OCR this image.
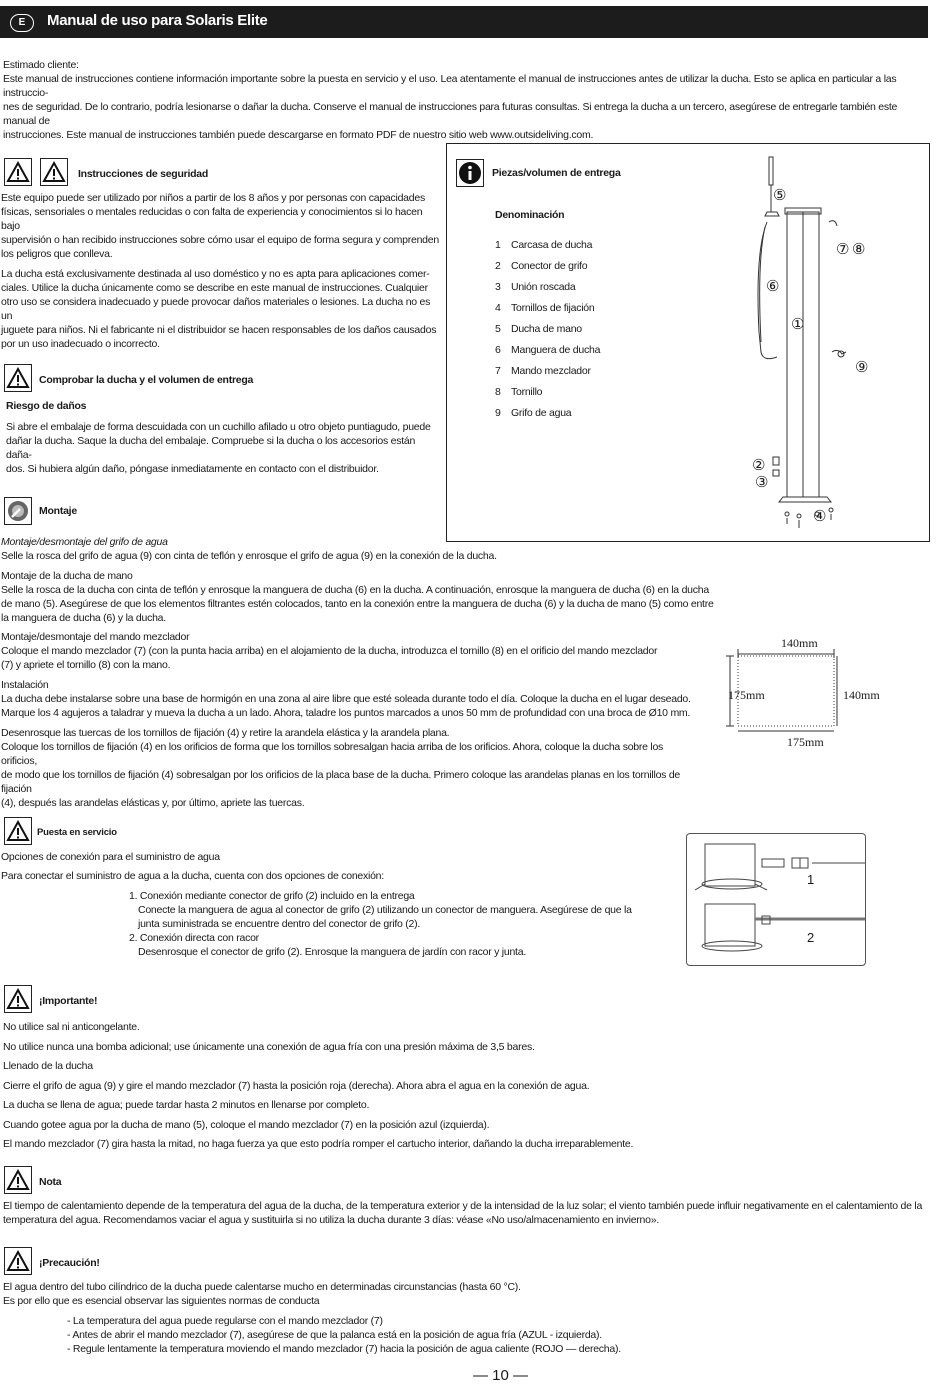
E	Manual de uso para Solaris Elite
Estimado cliente:
Este manual de instrucciones contiene información importante sobre la puesta en servicio y el uso. Lea atentamente el manual de instrucciones antes de utilizar la ducha. Esto se aplica en particular a las instruccio-
nes de seguridad. De lo contrario, podría lesionarse o dañar la ducha. Conserve el manual de instrucciones para futuras consultas. Si entrega la ducha a un tercero, asegúrese de entregarle también este manual de
instrucciones. Este manual de instrucciones también puede descargarse en formato PDF de nuestro sitio web www.outsideliving.com.
Instrucciones de seguridad
Este equipo puede ser utilizado por niños a partir de los 8 años y por personas con capacidades
físicas, sensoriales o mentales reducidas o con falta de experiencia y conocimientos si lo hacen bajo
supervisión o han recibido instrucciones sobre cómo usar el equipo de forma segura y comprenden
los peligros que conlleva.
La ducha está exclusivamente destinada al uso doméstico y no es apta para aplicaciones comer-
ciales. Utilice la ducha únicamente como se describe en este manual de instrucciones. Cualquier
otro uso se considera inadecuado y puede provocar daños materiales o lesiones. La ducha no es un
juguete para niños. Ni el fabricante ni el distribuidor se hacen responsables de los daños causados
por un uso inadecuado o incorrecto.
Comprobar la ducha y el volumen de entrega
Riesgo de daños
Si abre el embalaje de forma descuidada con un cuchillo afilado u otro objeto puntiagudo, puede
dañar la ducha. Saque la ducha del embalaje. Compruebe si la ducha o los accesorios están daña-
dos. Si hubiera algún daño, póngase inmediatamente en contacto con el distribuidor.
Piezas/volumen de entrega
Denominación
1 Carcasa de ducha
2 Conector de grifo
3 Unión roscada
4 Tornillos de fijación
5 Ducha de mano
6 Manguera de ducha
7 Mando mezclador
8 Tornillo
9 Grifo de agua
⑤
⑦ ⑧
⑥
①
⑨
②
③
④
Montaje
Montaje/desmontaje del grifo de agua
Selle la rosca del grifo de agua (9) con cinta de teflón y enrosque el grifo de agua (9) en la conexión de la ducha.
Montaje de la ducha de mano
Selle la rosca de la ducha con cinta de teflón y enrosque la manguera de ducha (6) en la ducha. A continuación, enrosque la manguera de ducha (6) en la ducha
de mano (5). Asegúrese de que los elementos filtrantes estén colocados, tanto en la conexión entre la manguera de ducha (6) y la ducha de mano (5) como entre
la manguera de ducha (6) y la ducha.
Montaje/desmontaje del mando mezclador
Coloque el mando mezclador (7) (con la punta hacia arriba) en el alojamiento de la ducha, introduzca el tornillo (8) en el orificio del mando mezclador
(7) y apriete el tornillo (8) con la mano.
Instalación
La ducha debe instalarse sobre una base de hormigón en una zona al aire libre que esté soleada durante todo el día. Coloque la ducha en el lugar deseado.
Marque los 4 agujeros a taladrar y mueva la ducha a un lado. Ahora, taladre los puntos marcados a unos 50 mm de profundidad con una broca de Ø10 mm.
Desenrosque las tuercas de los tornillos de fijación (4) y retire la arandela elástica y la arandela plana.
Coloque los tornillos de fijación (4) en los orificios de forma que los tornillos sobresalgan hacia arriba de los orificios. Ahora, coloque la ducha sobre los orificios,
de modo que los tornillos de fijación (4) sobresalgan por los orificios de la placa base de la ducha. Primero coloque las arandelas planas en los tornillos de fijación
(4), después las arandelas elásticas y, por último, apriete las tuercas.
140mm
175mm	140mm
175mm
Puesta en servicio
Opciones de conexión para el suministro de agua
Para conectar el suministro de agua a la ducha, cuenta con dos opciones de conexión:
1. Conexión mediante conector de grifo (2) incluido en la entrega
Conecte la manguera de agua al conector de grifo (2) utilizando un conector de manguera. Asegúrese de que la
junta suministrada se encuentre dentro del conector de grifo (2).
2. Conexión directa con racor
Desenrosque el conector de grifo (2). Enrosque la manguera de jardín con racor y junta.
1
2
¡Importante!
No utilice sal ni anticongelante.
No utilice nunca una bomba adicional; use únicamente una conexión de agua fría con una presión máxima de 3,5 bares.
Llenado de la ducha
Cierre el grifo de agua (9) y gire el mando mezclador (7) hasta la posición roja (derecha). Ahora abra el agua en la conexión de agua.
La ducha se llena de agua; puede tardar hasta 2 minutos en llenarse por completo.
Cuando gotee agua por la ducha de mano (5), coloque el mando mezclador (7) en la posición azul (izquierda).
El mando mezclador (7) gira hasta la mitad, no haga fuerza ya que esto podría romper el cartucho interior, dañando la ducha irreparablemente.
Nota
El tiempo de calentamiento depende de la temperatura del agua de la ducha, de la temperatura exterior y de la intensidad de la luz solar; el viento también puede influir negativamente en el calentamiento de la
temperatura del agua. Recomendamos vaciar el agua y sustituirla si no utiliza la ducha durante 3 días: véase «No uso/almacenamiento en invierno».
¡Precaución!
El agua dentro del tubo cilíndrico de la ducha puede calentarse mucho en determinadas circunstancias (hasta 60 °C).
Es por ello que es esencial observar las siguientes normas de conducta
- La temperatura del agua puede regularse con el mando mezclador (7)
- Antes de abrir el mando mezclador (7), asegúrese de que la palanca está en la posición de agua fría (AZUL - izquierda).
- Regule lentamente la temperatura moviendo el mando mezclador (7) hacia la posición de agua caliente (ROJO — derecha).
— 10 —
